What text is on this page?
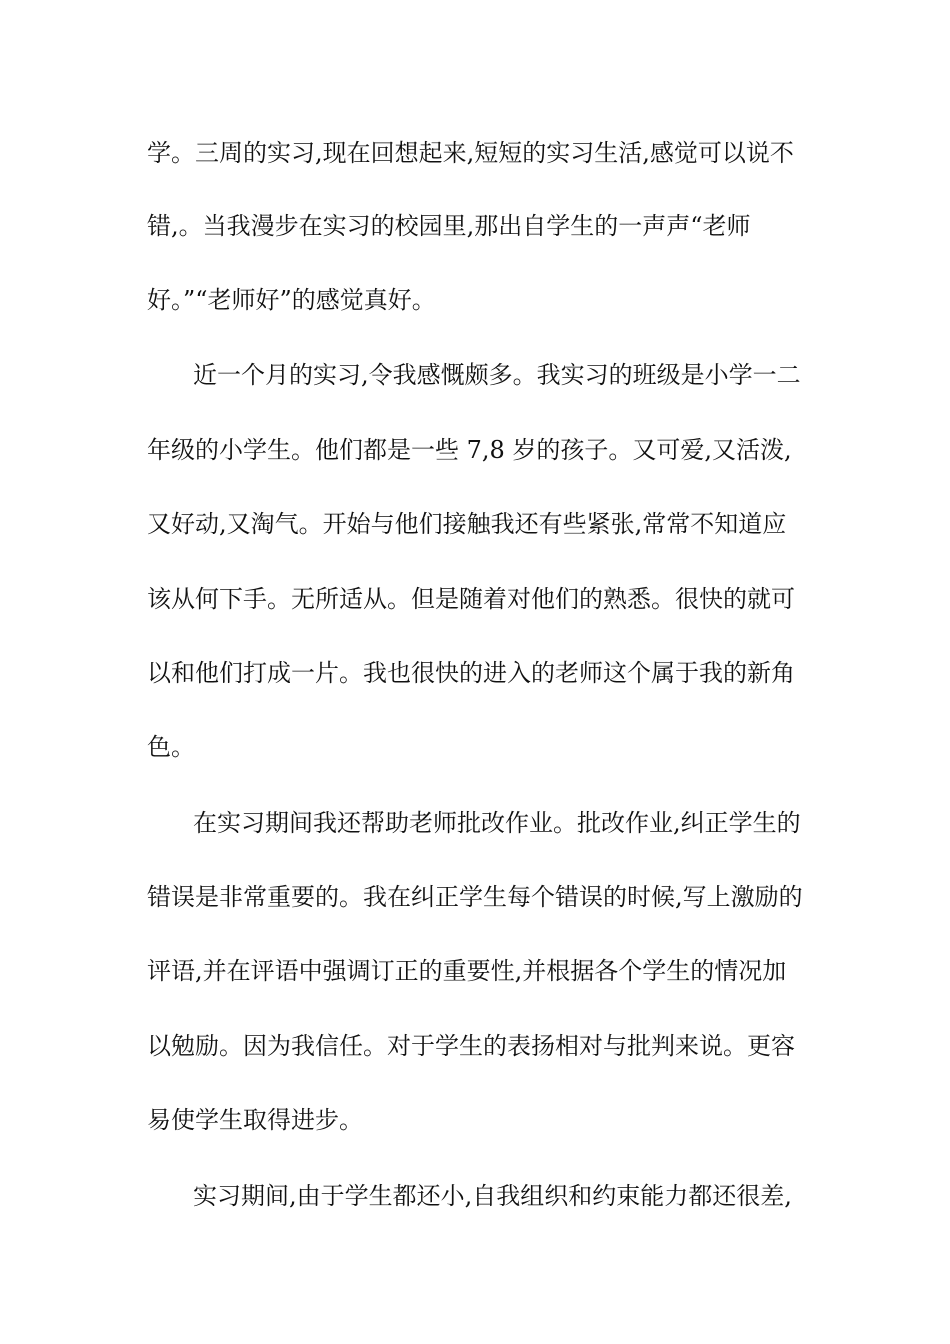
学。三周的实习,现在回想起来,短短的实习生活,感觉可以说不
错,。当我漫步在实习的校园里,那出自学生的一声声“老师
好。”“老师好”的感觉真好。
近一个月的实习,令我感慨颇多。我实习的班级是小学一二
年级的小学生。他们都是一些 7,8 岁的孩子。又可爱,又活泼,
又好动,又淘气。开始与他们接触我还有些紧张,常常不知道应
该从何下手。无所适从。但是随着对他们的熟悉。很快的就可
以和他们打成一片。我也很快的进入的老师这个属于我的新角
色。
在实习期间我还帮助老师批改作业。批改作业,纠正学生的
错误是非常重要的。我在纠正学生每个错误的时候,写上激励的
评语,并在评语中强调订正的重要性,并根据各个学生的情况加
以勉励。因为我信任。对于学生的表扬相对与批判来说。更容
易使学生取得进步。
实习期间,由于学生都还小,自我组织和约束能力都还很差,
